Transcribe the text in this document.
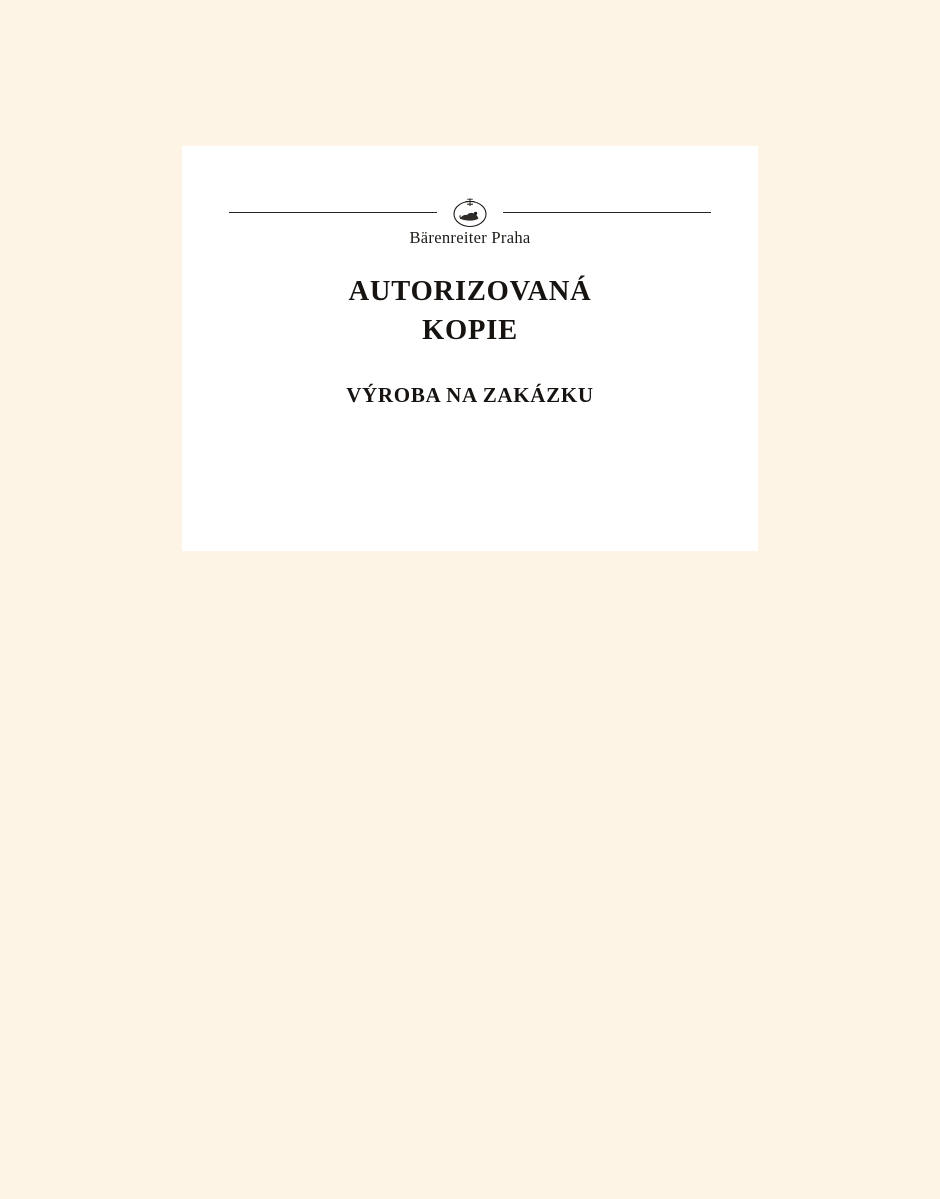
Bärenreiter Praha
AUTORIZOVANÁ
KOPIE
VÝROBA NA ZAKÁZKU
